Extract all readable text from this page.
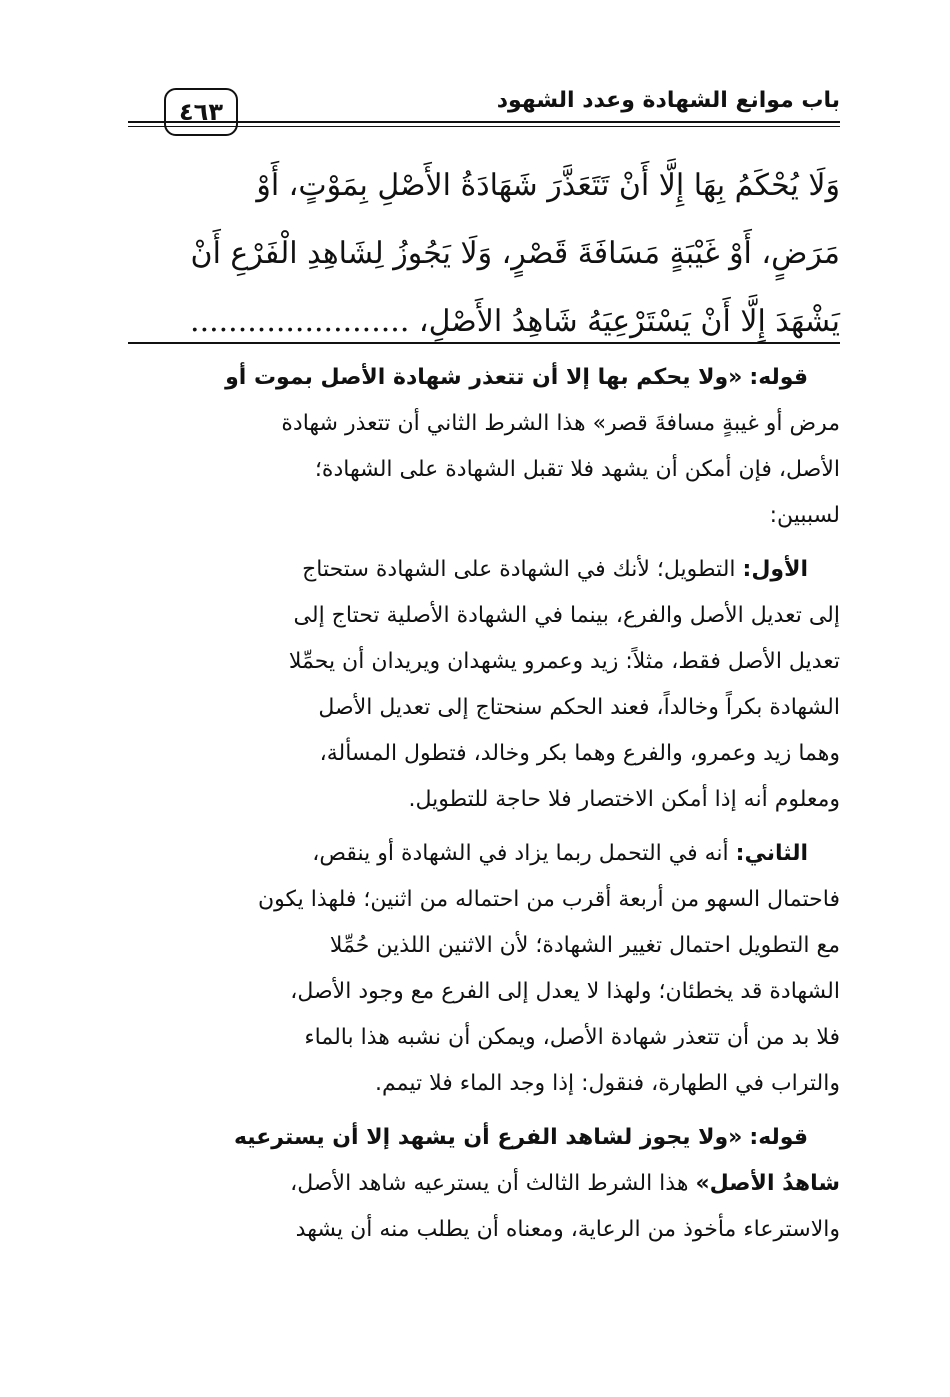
باب موانع الشهادة وعدد الشهود
٤٦٣

وَلَا يُحْكَمُ بِهَا إِلَّا أَنْ تَتَعَذَّرَ شَهَادَةُ الأَصْلِ بِمَوْتٍ، أَوْ

مَرَضٍ، أَوْ غَيْبَةٍ مَسَافَةَ قَصْرٍ، وَلَا يَجُوزُ لِشَاهِدِ الْفَرْعِ أَنْ

يَشْهَدَ إِلَّا أَنْ يَسْتَرْعِيَهُ شَاهِدُ الأَصْلِ، .......................

قوله: «ولا يحكم بها إلا أن تتعذر شهادة الأصل بموت أو
مرض أو غيبةٍ مسافةَ قصر» هذا الشرط الثاني أن تتعذر شهادة
الأصل، فإن أمكن أن يشهد فلا تقبل الشهادة على الشهادة؛
لسببين:
الأول: التطويل؛ لأنك في الشهادة على الشهادة ستحتاج
إلى تعديل الأصل والفرع، بينما في الشهادة الأصلية تحتاج إلى
تعديل الأصل فقط، مثلاً: زيد وعمرو يشهدان ويريدان أن يحمِّلا
الشهادة بكراً وخالداً، فعند الحكم سنحتاج إلى تعديل الأصل
وهما زيد وعمرو، والفرع وهما بكر وخالد، فتطول المسألة،
ومعلوم أنه إذا أمكن الاختصار فلا حاجة للتطويل.
الثاني: أنه في التحمل ربما يزاد في الشهادة أو ينقص،
فاحتمال السهو من أربعة أقرب من احتماله من اثنين؛ فلهذا يكون
مع التطويل احتمال تغيير الشهادة؛ لأن الاثنين اللذين حُمِّلا
الشهادة قد يخطئان؛ ولهذا لا يعدل إلى الفرع مع وجود الأصل،
فلا بد من أن تتعذر شهادة الأصل، ويمكن أن نشبه هذا بالماء
والتراب في الطهارة، فنقول: إذا وجد الماء فلا تيمم.
قوله: «ولا يجوز لشاهد الفرع أن يشهد إلا أن يسترعيه
شاهدُ الأصل» هذا الشرط الثالث أن يسترعيه شاهد الأصل،
والاسترعاء مأخوذ من الرعاية، ومعناه أن يطلب منه أن يشهد
